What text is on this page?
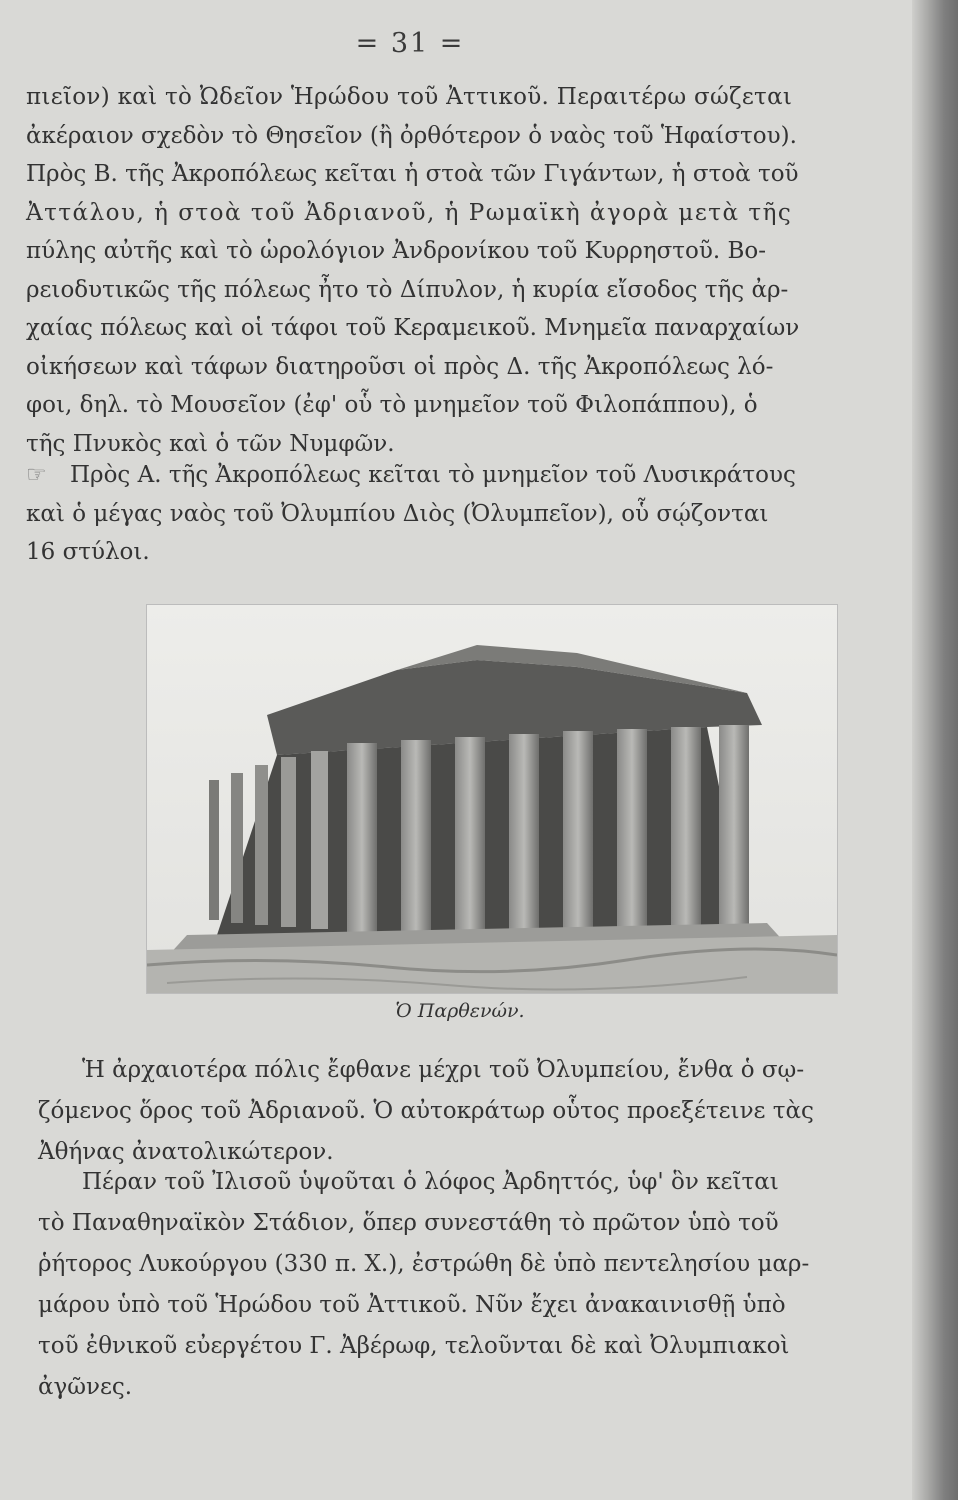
= 31 =

πιεῖον) καὶ τὸ Ὠδεῖον Ἡρώδου τοῦ Ἀττικοῦ. Περαιτέρω σώζεται

ἀκέραιον σχεδὸν τὸ Θησεῖον (ἢ ὀρθότερον ὁ ναὸς τοῦ Ἡφαίστου).

Πρὸς Β. τῆς Ἀκροπόλεως κεῖται ἡ στοὰ τῶν Γιγάντων, ἡ στοὰ τοῦ

Ἀττάλου, ἡ στοὰ τοῦ Ἀδριανοῦ, ἡ Ρωμαϊκὴ ἀγορὰ μετὰ τῆς

πύλης αὐτῆς καὶ τὸ ὡρολόγιον Ἀνδρονίκου τοῦ Κυρρηστοῦ. Βο-

ρειοδυτικῶς τῆς πόλεως ἦτο τὸ Δίπυλον, ἡ κυρία εἴσοδος τῆς ἀρ-

χαίας πόλεως καὶ οἱ τάφοι τοῦ Κεραμεικοῦ. Μνημεῖα παναρχαίων

οἰκήσεων καὶ τάφων διατηροῦσι οἱ πρὸς Δ. τῆς Ἀκροπόλεως λό-

φοι, δηλ. τὸ Μουσεῖον (ἐφ' οὗ τὸ μνημεῖον τοῦ Φιλοπάππου), ὁ

τῆς Πνυκὸς καὶ ὁ τῶν Νυμφῶν.

☞ Πρὸς Α. τῆς Ἀκροπόλεως κεῖται τὸ μνημεῖον τοῦ Λυσικράτους

καὶ ὁ μέγας ναὸς τοῦ Ὀλυμπίου Διὸς (Ὀλυμπεῖον), οὗ σῴζονται

16 στύλοι.

Ὁ Παρθενών.

Ἡ ἀρχαιοτέρα πόλις ἔφθανε μέχρι τοῦ Ὀλυμπείου, ἔνθα ὁ σῳ-

ζόμενος ὅρος τοῦ Ἀδριανοῦ. Ὁ αὐτοκράτωρ οὗτος προεξέτεινε τὰς

Ἀθήνας ἀνατολικώτερον.

Πέραν τοῦ Ἰλισοῦ ὑψοῦται ὁ λόφος Ἀρδηττός, ὑφ' ὃν κεῖται

τὸ Παναθηναϊκὸν Στάδιον, ὅπερ συνεστάθη τὸ πρῶτον ὑπὸ τοῦ

ῥήτορος Λυκούργου (330 π. Χ.), ἐστρώθη δὲ ὑπὸ πεντελησίου μαρ-

μάρου ὑπὸ τοῦ Ἡρώδου τοῦ Ἀττικοῦ. Νῦν ἔχει ἀνακαινισθῇ ὑπὸ

τοῦ ἐθνικοῦ εὐεργέτου Γ. Ἀβέρωφ, τελοῦνται δὲ καὶ Ὀλυμπιακοὶ

ἀγῶνες.
